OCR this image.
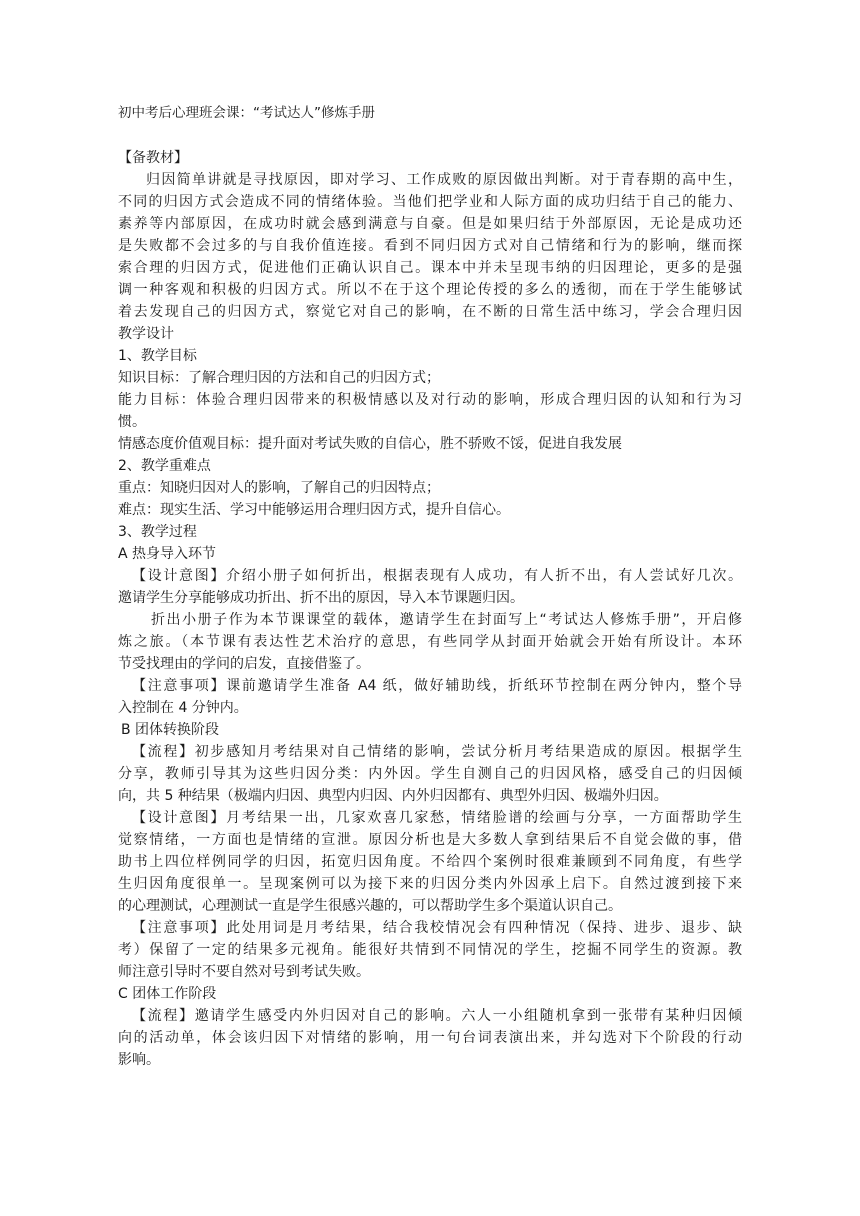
初中考后心理班会课：“考试达人”修炼手册
【备教材】
归因简单讲就是寻找原因，即对学习、工作成败的原因做出判断。对于青春期的高中生，
不同的归因方式会造成不同的情绪体验。当他们把学业和人际方面的成功归结于自己的能力、
素养等内部原因，在成功时就会感到满意与自豪。但是如果归结于外部原因，无论是成功还
是失败都不会过多的与自我价值连接。看到不同归因方式对自己情绪和行为的影响，继而探
索合理的归因方式，促进他们正确认识自己。课本中并未呈现韦纳的归因理论，更多的是强
调一种客观和积极的归因方式。所以不在于这个理论传授的多么的透彻，而在于学生能够试
着去发现自己的归因方式，察觉它对自己的影响，在不断的日常生活中练习，学会合理归因
教学设计
1、教学目标
知识目标：了解合理归因的方法和自己的归因方式；
能力目标：体验合理归因带来的积极情感以及对行动的影响，形成合理归因的认知和行为习
惯。
情感态度价值观目标：提升面对考试失败的自信心，胜不骄败不馁，促进自我发展
2、教学重难点
重点：知晓归因对人的影响，了解自己的归因特点；
难点：现实生活、学习中能够运用合理归因方式，提升自信心。
3、教学过程
A 热身导入环节
【设计意图】介绍小册子如何折出，根据表现有人成功，有人折不出，有人尝试好几次。
邀请学生分享能够成功折出、折不出的原因，导入本节课题归因。
折出小册子作为本节课课堂的载体，邀请学生在封面写上“考试达人修炼手册”，开启修
炼之旅。（本节课有表达性艺术治疗的意思，有些同学从封面开始就会开始有所设计。本环
节受找理由的学问的启发，直接借鉴了。
【注意事项】课前邀请学生准备 A4 纸，做好辅助线，折纸环节控制在两分钟内，整个导
入控制在 4 分钟内。
B 团体转换阶段
【流程】初步感知月考结果对自己情绪的影响，尝试分析月考结果造成的原因。根据学生
分享，教师引导其为这些归因分类：内外因。学生自测自己的归因风格，感受自己的归因倾
向，共 5 种结果（极端内归因、典型内归因、内外归因都有、典型外归因、极端外归因。
【设计意图】月考结果一出，几家欢喜几家愁，情绪脸谱的绘画与分享，一方面帮助学生
觉察情绪，一方面也是情绪的宣泄。原因分析也是大多数人拿到结果后不自觉会做的事，借
助书上四位样例同学的归因，拓宽归因角度。不给四个案例时很难兼顾到不同角度，有些学
生归因角度很单一。呈现案例可以为接下来的归因分类内外因承上启下。自然过渡到接下来
的心理测试，心理测试一直是学生很感兴趣的，可以帮助学生多个渠道认识自己。
【注意事项】此处用词是月考结果，结合我校情况会有四种情况（保持、进步、退步、缺
考）保留了一定的结果多元视角。能很好共情到不同情况的学生，挖掘不同学生的资源。教
师注意引导时不要自然对号到考试失败。
C 团体工作阶段
【流程】邀请学生感受内外归因对自己的影响。六人一小组随机拿到一张带有某种归因倾
向的活动单，体会该归因下对情绪的影响，用一句台词表演出来，并勾选对下个阶段的行动
影响。
